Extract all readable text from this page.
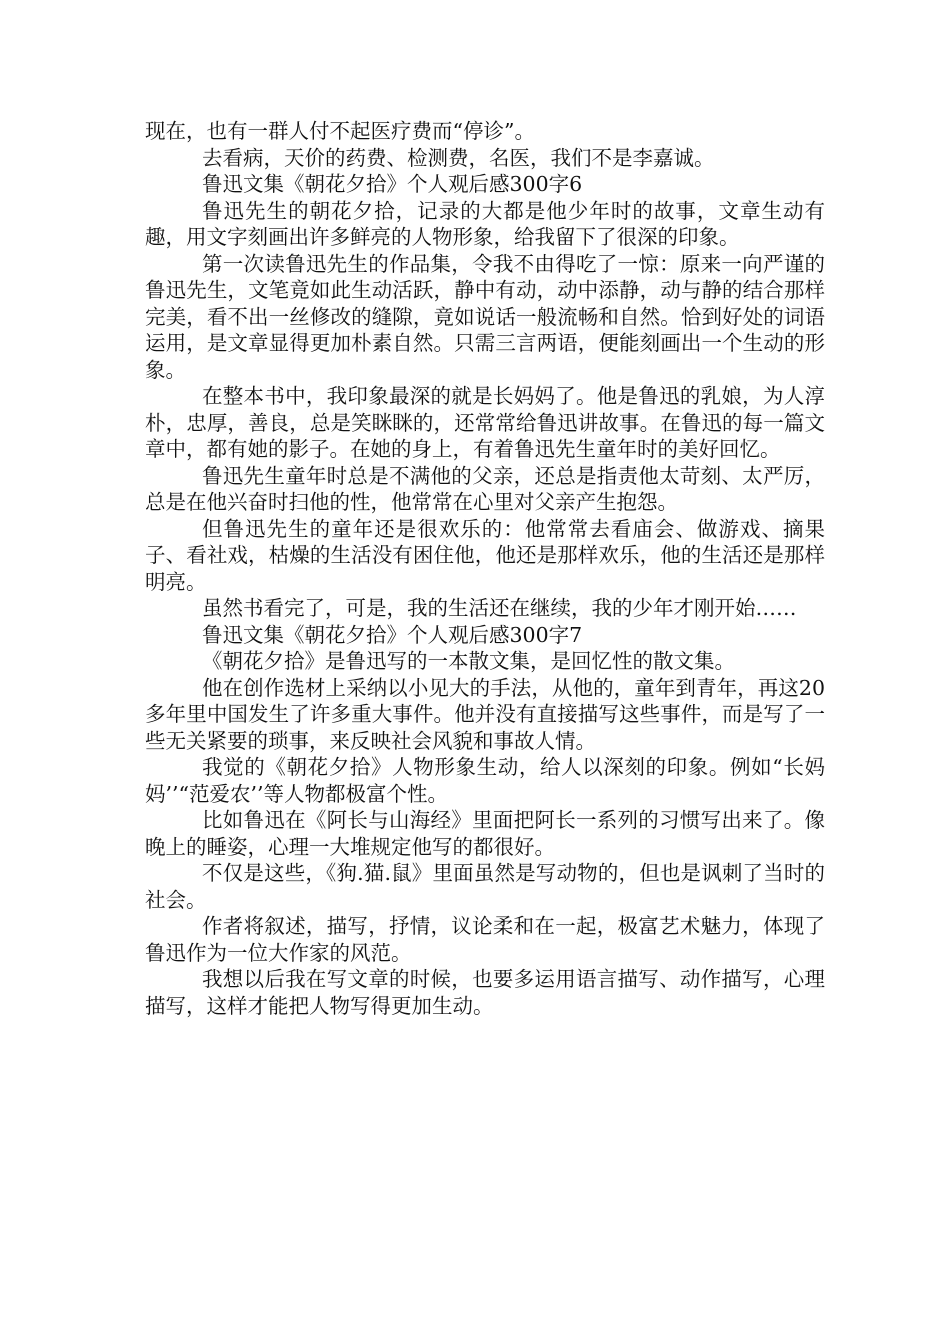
现在，也有一群人付不起医疗费而“停诊”。

去看病，天价的药费、检测费，名医，我们不是李嘉诚。

鲁迅文集《朝花夕拾》个人观后感300字6

鲁迅先生的朝花夕拾，记录的大都是他少年时的故事，文章生动有趣，用文字刻画出许多鲜亮的人物形象，给我留下了很深的印象。

第一次读鲁迅先生的作品集，令我不由得吃了一惊：原来一向严谨的鲁迅先生，文笔竟如此生动活跃，静中有动，动中添静，动与静的结合那样完美，看不出一丝修改的缝隙，竟如说话一般流畅和自然。恰到好处的词语运用，是文章显得更加朴素自然。只需三言两语，便能刻画出一个生动的形象。

在整本书中，我印象最深的就是长妈妈了。他是鲁迅的乳娘，为人淳朴，忠厚，善良，总是笑眯眯的，还常常给鲁迅讲故事。在鲁迅的每一篇文章中，都有她的影子。在她的身上，有着鲁迅先生童年时的美好回忆。

鲁迅先生童年时总是不满他的父亲，还总是指责他太苛刻、太严厉，总是在他兴奋时扫他的性，他常常在心里对父亲产生抱怨。

但鲁迅先生的童年还是很欢乐的：他常常去看庙会、做游戏、摘果子、看社戏，枯燥的生活没有困住他，他还是那样欢乐，他的生活还是那样明亮。

虽然书看完了，可是，我的生活还在继续，我的少年才刚开始……

鲁迅文集《朝花夕拾》个人观后感300字7

《朝花夕拾》是鲁迅写的一本散文集，是回忆性的散文集。

他在创作选材上采纳以小见大的手法，从他的，童年到青年，再这20多年里中国发生了许多重大事件。他并没有直接描写这些事件，而是写了一些无关紧要的琐事，来反映社会风貌和事故人情。

我觉的《朝花夕拾》人物形象生动，给人以深刻的印象。例如“长妈妈’’“范爱农’’等人物都极富个性。

比如鲁迅在《阿长与山海经》里面把阿长一系列的习惯写出来了。像晚上的睡姿，心理一大堆规定他写的都很好。

不仅是这些，《狗.猫.鼠》里面虽然是写动物的，但也是讽刺了当时的社会。

作者将叙述，描写，抒情，议论柔和在一起，极富艺术魅力，体现了鲁迅作为一位大作家的风范。

我想以后我在写文章的时候，也要多运用语言描写、动作描写，心理描写，这样才能把人物写得更加生动。
